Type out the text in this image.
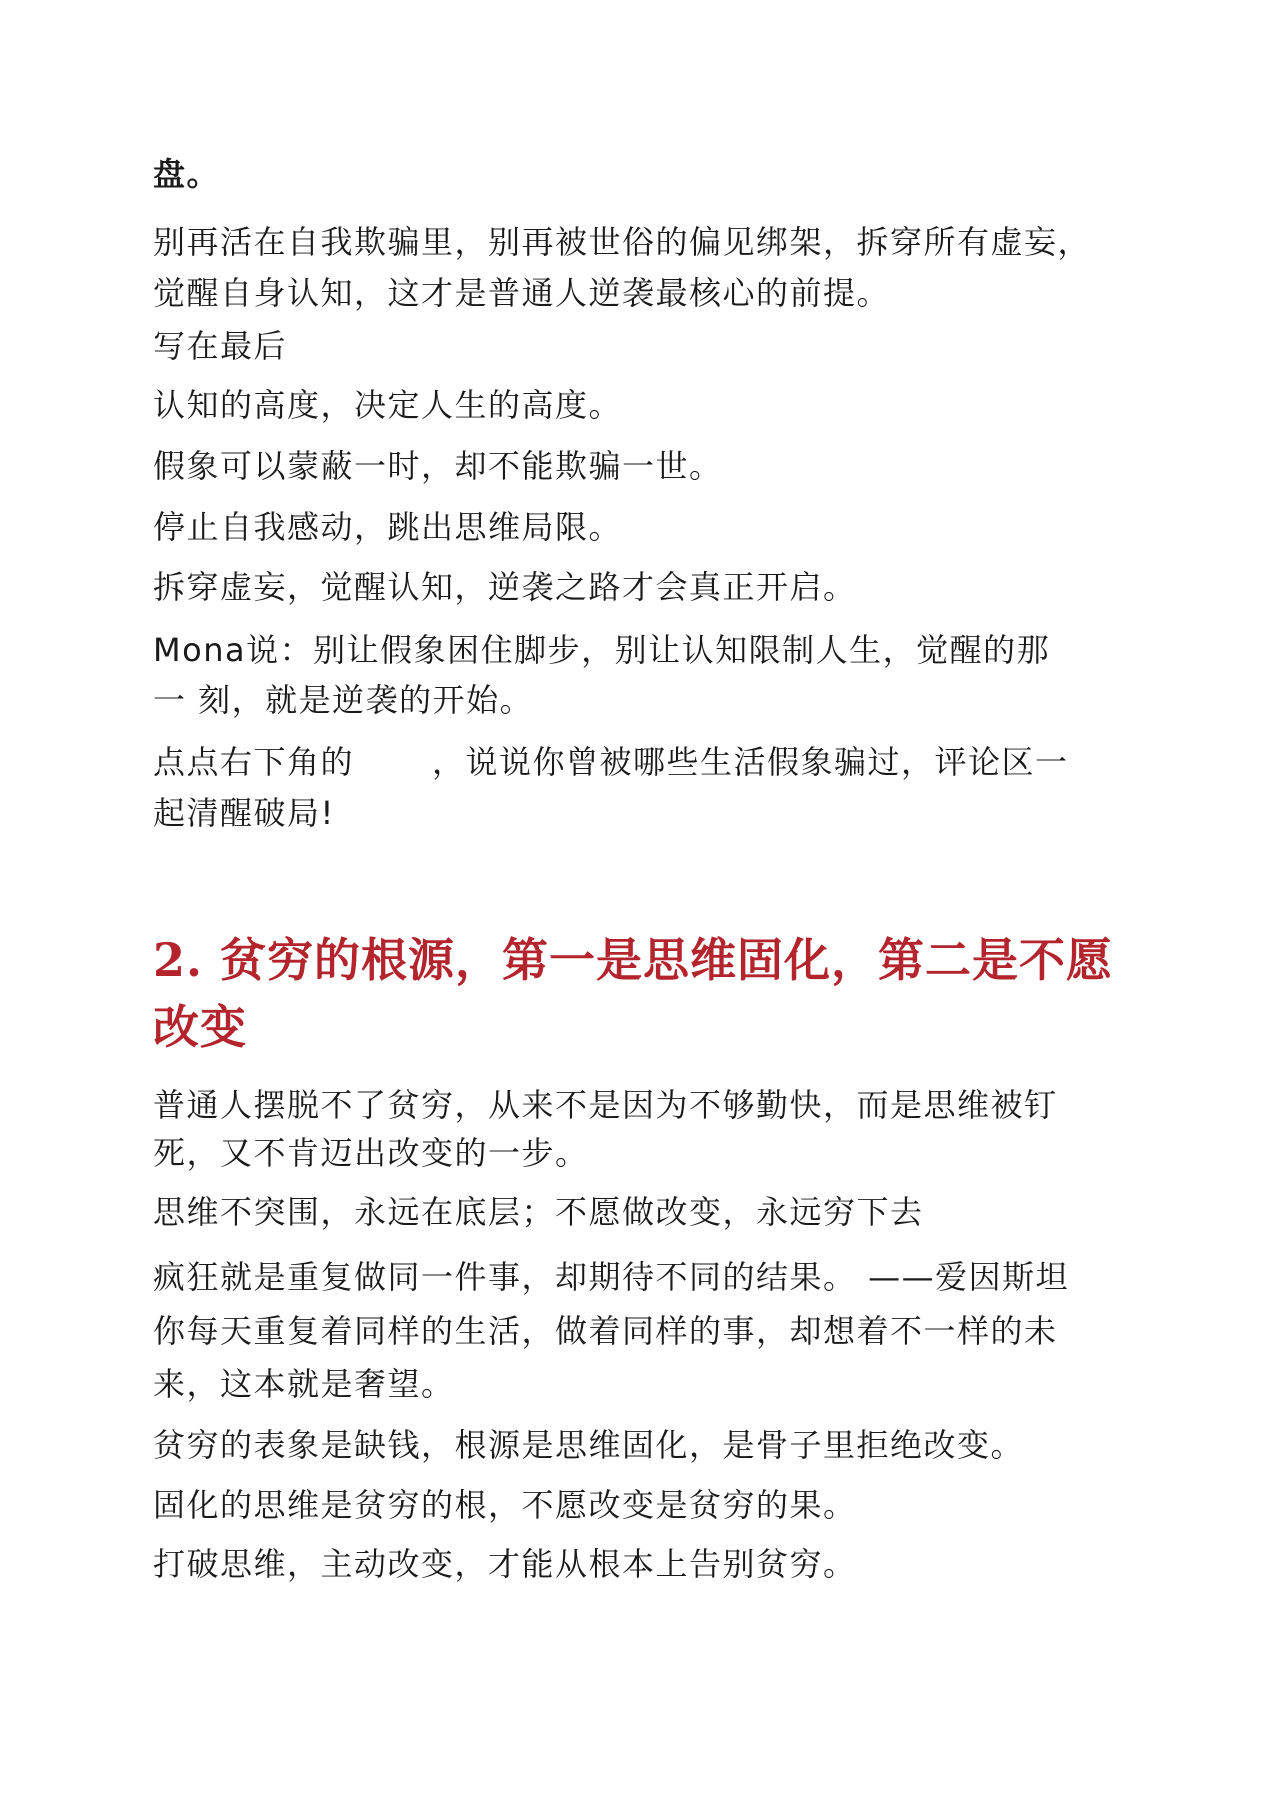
盘。

别再活在自我欺骗里，别再被世俗的偏见绑架，拆穿所有虚妄，

觉醒自身认知，这才是普通人逆袭最核心的前提。

写在最后

认知的高度，决定人生的高度。

假象可以蒙蔽一时，却不能欺骗一世。

停止自我感动，跳出思维局限。

拆穿虚妄，觉醒认知，逆袭之路才会真正开启。

Mona说：别让假象困住脚步，别让认知限制人生，觉醒的那

一 刻，就是逆袭的开始。

点点右下角的 ，说说你曾被哪些生活假象骗过，评论区一

起清醒破局!

2. 贫穷的根源，第一是思维固化，第二是不愿
改变

普通人摆脱不了贫穷，从来不是因为不够勤快，而是思维被钉

死，又不肯迈出改变的一步。

思维不突围，永远在底层；不愿做改变，永远穷下去

疯狂就是重复做同一件事，却期待不同的结果。 ——爱因斯坦

你每天重复着同样的生活，做着同样的事，却想着不一样的未

来，这本就是奢望。

贫穷的表象是缺钱，根源是思维固化，是骨子里拒绝改变。

固化的思维是贫穷的根，不愿改变是贫穷的果。

打破思维，主动改变，才能从根本上告别贫穷。
